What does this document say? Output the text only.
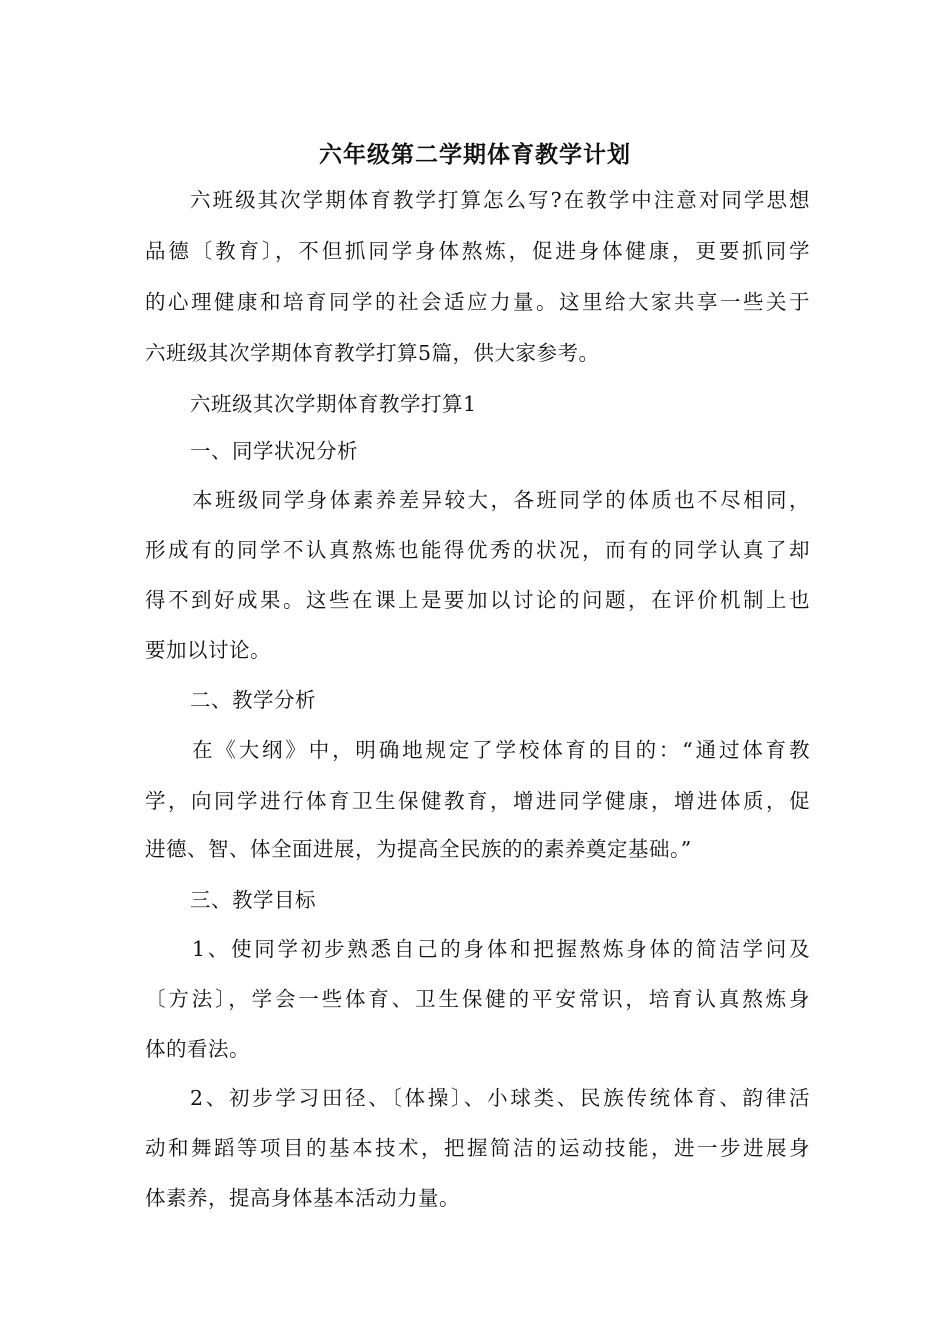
六年级第二学期体育教学计划
六班级其次学期体育教学打算怎么写?在教学中注意对同学思想
品德〔教育〕，不但抓同学身体熬炼，促进身体健康，更要抓同学
的心理健康和培育同学的社会适应力量。这里给大家共享一些关于
六班级其次学期体育教学打算5篇，供大家参考。
六班级其次学期体育教学打算1
一、同学状况分析
本班级同学身体素养差异较大，各班同学的体质也不尽相同，
形成有的同学不认真熬炼也能得优秀的状况，而有的同学认真了却
得不到好成果。这些在课上是要加以讨论的问题，在评价机制上也
要加以讨论。
二、教学分析
在《大纲》中，明确地规定了学校体育的目的：“通过体育教
学，向同学进行体育卫生保健教育，增进同学健康，增进体质，促
进德、智、体全面进展，为提高全民族的的素养奠定基础。”
三、教学目标
1、使同学初步熟悉自己的身体和把握熬炼身体的简洁学问及
〔方法〕，学会一些体育、卫生保健的平安常识，培育认真熬炼身
体的看法。
2、初步学习田径、〔体操〕、小球类、民族传统体育、韵律活
动和舞蹈等项目的基本技术，把握简洁的运动技能，进一步进展身
体素养，提高身体基本活动力量。
